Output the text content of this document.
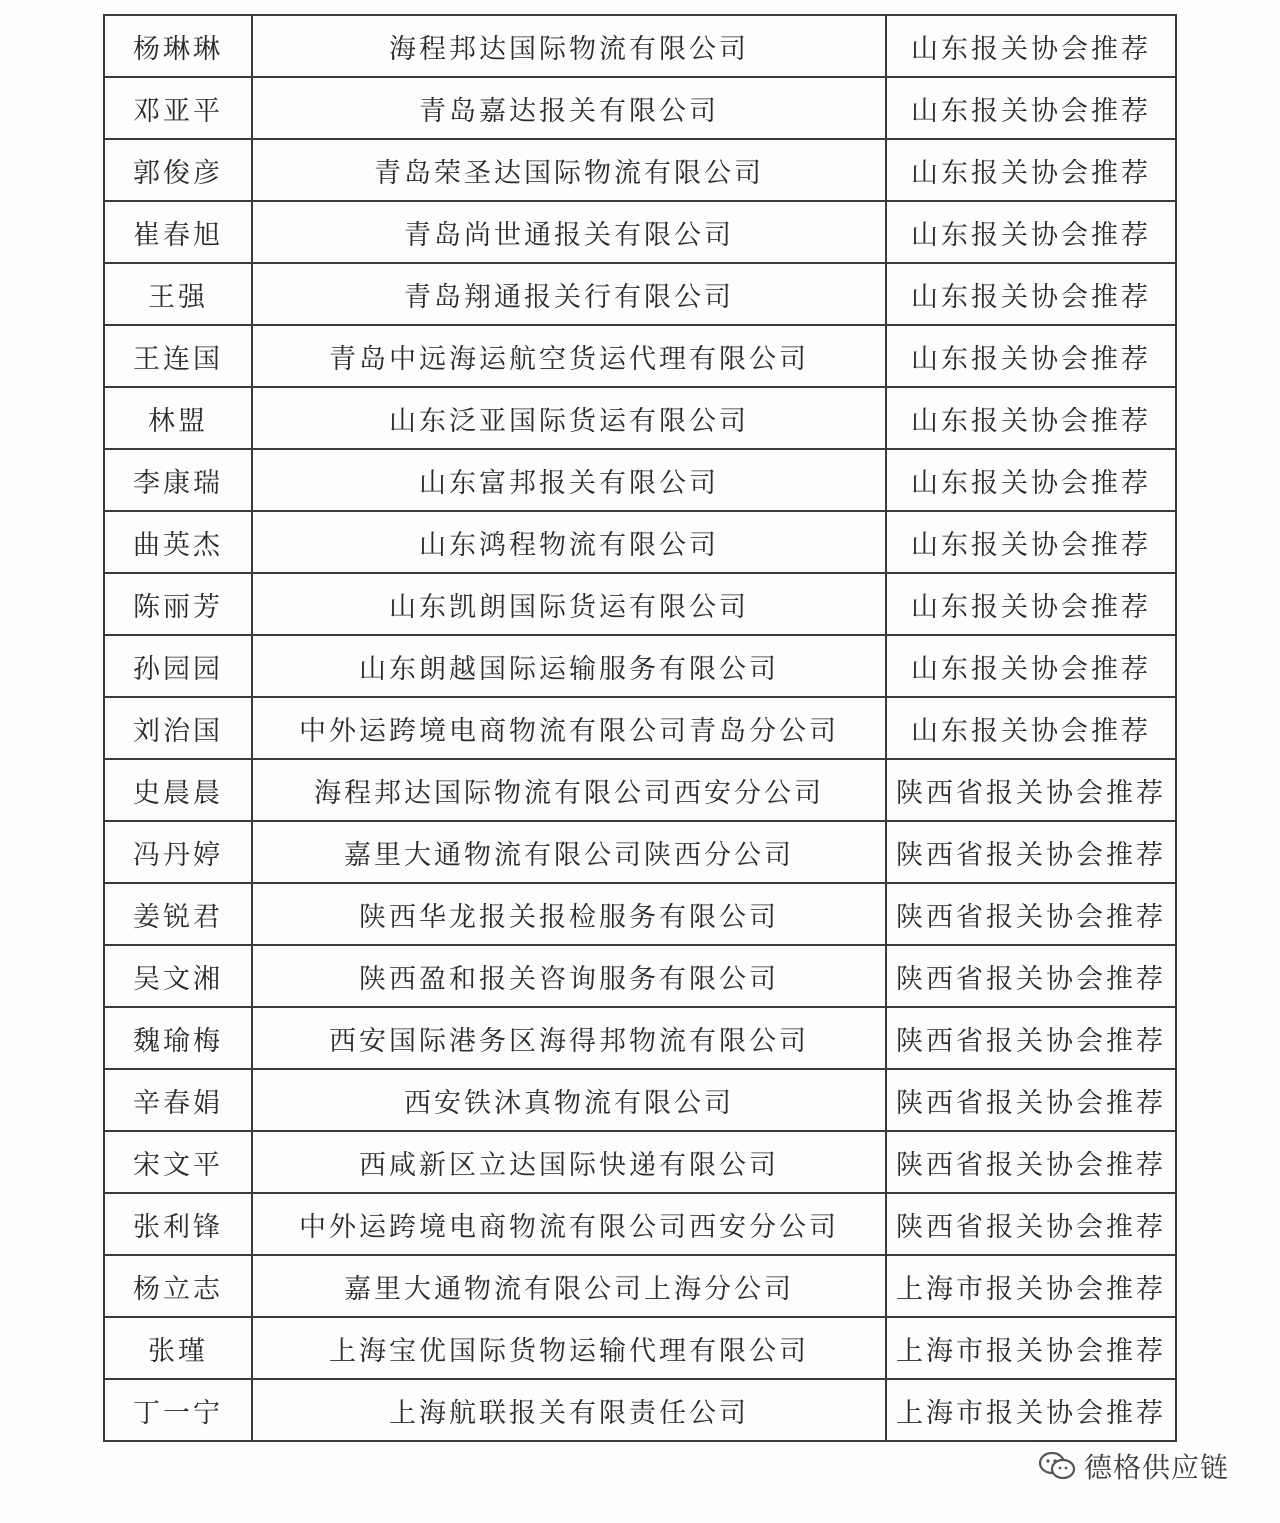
杨琳琳	海程邦达国际物流有限公司	山东报关协会推荐
邓亚平	青岛嘉达报关有限公司	山东报关协会推荐
郭俊彦	青岛荣圣达国际物流有限公司	山东报关协会推荐
崔春旭	青岛尚世通报关有限公司	山东报关协会推荐
王强	青岛翔通报关行有限公司	山东报关协会推荐
王连国	青岛中远海运航空货运代理有限公司	山东报关协会推荐
林盟	山东泛亚国际货运有限公司	山东报关协会推荐
李康瑞	山东富邦报关有限公司	山东报关协会推荐
曲英杰	山东鸿程物流有限公司	山东报关协会推荐
陈丽芳	山东凯朗国际货运有限公司	山东报关协会推荐
孙园园	山东朗越国际运输服务有限公司	山东报关协会推荐
刘治国	中外运跨境电商物流有限公司青岛分公司	山东报关协会推荐
史晨晨	海程邦达国际物流有限公司西安分公司	陕西省报关协会推荐
冯丹婷	嘉里大通物流有限公司陕西分公司	陕西省报关协会推荐
姜锐君	陕西华龙报关报检服务有限公司	陕西省报关协会推荐
吴文湘	陕西盈和报关咨询服务有限公司	陕西省报关协会推荐
魏瑜梅	西安国际港务区海得邦物流有限公司	陕西省报关协会推荐
辛春娟	西安铁沐真物流有限公司	陕西省报关协会推荐
宋文平	西咸新区立达国际快递有限公司	陕西省报关协会推荐
张利锋	中外运跨境电商物流有限公司西安分公司	陕西省报关协会推荐
杨立志	嘉里大通物流有限公司上海分公司	上海市报关协会推荐
张瑾	上海宝优国际货物运输代理有限公司	上海市报关协会推荐
丁一宁	上海航联报关有限责任公司	上海市报关协会推荐
德格供应链
